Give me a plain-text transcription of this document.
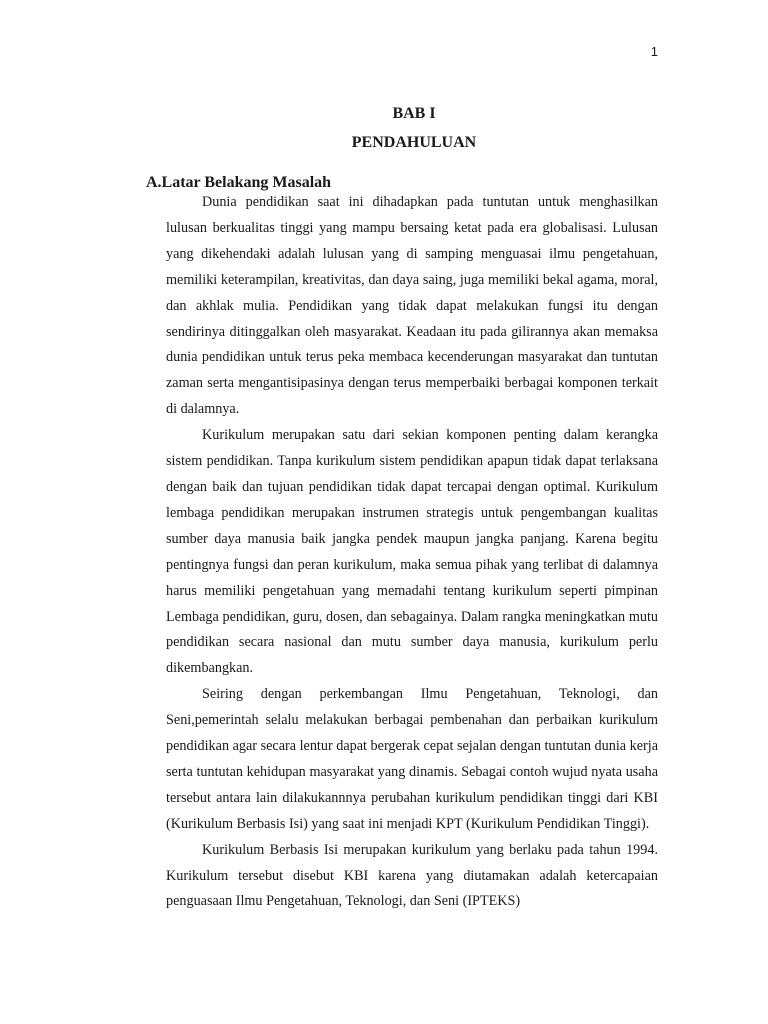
1
BAB I
PENDAHULUAN
A.Latar Belakang Masalah

Dunia pendidikan saat ini dihadapkan pada tuntutan untuk menghasilkan lulusan berkualitas tinggi yang mampu bersaing ketat pada era globalisasi. Lulusan yang dikehendaki adalah lulusan yang di samping menguasai ilmu pengetahuan, memiliki keterampilan, kreativitas, dan daya saing, juga memiliki bekal agama, moral, dan akhlak mulia. Pendidikan yang tidak dapat melakukan fungsi itu dengan sendirinya ditinggalkan oleh masyarakat. Keadaan itu pada gilirannya akan memaksa dunia pendidikan untuk terus peka membaca kecenderungan masyarakat dan tuntutan zaman serta mengantisipasinya dengan terus memperbaiki berbagai komponen terkait di dalamnya.

Kurikulum merupakan satu dari sekian komponen penting dalam kerangka sistem pendidikan. Tanpa kurikulum sistem pendidikan apapun tidak dapat terlaksana dengan baik dan tujuan pendidikan tidak dapat tercapai dengan optimal. Kurikulum lembaga pendidikan merupakan instrumen strategis untuk pengembangan kualitas sumber daya manusia baik jangka pendek maupun jangka panjang. Karena begitu pentingnya fungsi dan peran kurikulum, maka semua pihak yang terlibat di dalamnya harus memiliki pengetahuan yang memadahi tentang kurikulum seperti pimpinan Lembaga pendidikan, guru, dosen, dan sebagainya. Dalam rangka meningkatkan mutu pendidikan secara nasional dan mutu sumber daya manusia, kurikulum perlu dikembangkan.

Seiring dengan perkembangan Ilmu Pengetahuan, Teknologi, dan Seni,pemerintah selalu melakukan berbagai pembenahan dan perbaikan kurikulum pendidikan agar secara lentur dapat bergerak cepat sejalan dengan tuntutan dunia kerja serta tuntutan kehidupan masyarakat yang dinamis. Sebagai contoh wujud nyata usaha tersebut antara lain dilakukannnya perubahan kurikulum pendidikan tinggi dari KBI (Kurikulum Berbasis Isi) yang saat ini menjadi KPT (Kurikulum Pendidikan Tinggi).

Kurikulum Berbasis Isi merupakan kurikulum yang berlaku pada tahun 1994. Kurikulum tersebut disebut KBI karena yang diutamakan adalah ketercapaian penguasaan Ilmu Pengetahuan, Teknologi, dan Seni (IPTEKS)
